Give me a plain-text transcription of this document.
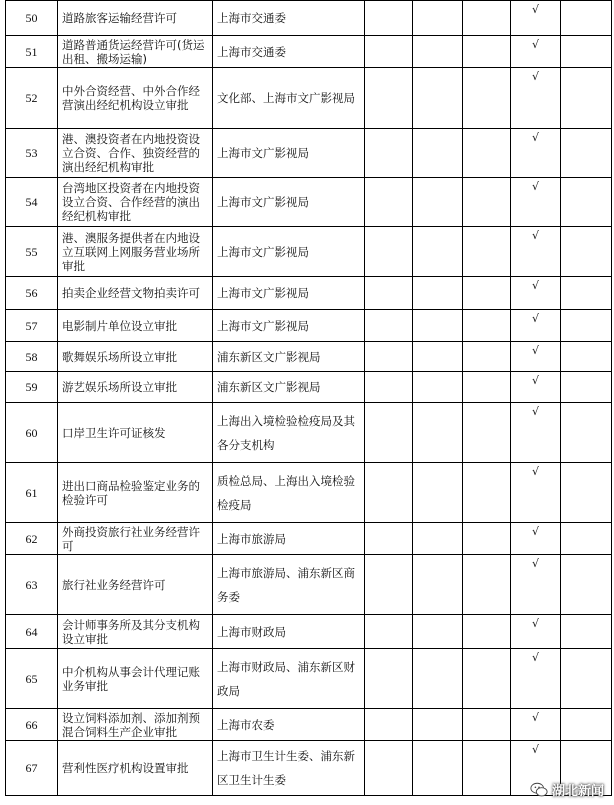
50	道路旅客运输经营许可	上海市交通委				√	
51	道路普通货运经营许可(货运出租、搬场运输)	上海市交通委				√	
52	中外合资经营、中外合作经营演出经纪机构设立审批	文化部、上海市文广影视局				√	
53	港、澳投资者在内地投资设立合资、合作、独资经营的演出经纪机构审批	上海市文广影视局				√	
54	台湾地区投资者在内地投资设立合资、合作经营的演出经纪机构审批	上海市文广影视局				√	
55	港、澳服务提供者在内地设立互联网上网服务营业场所审批	上海市文广影视局				√	
56	拍卖企业经营文物拍卖许可	上海市文广影视局				√	
57	电影制片单位设立审批	上海市文广影视局				√	
58	歌舞娱乐场所设立审批	浦东新区文广影视局				√	
59	游艺娱乐场所设立审批	浦东新区文广影视局				√	
60	口岸卫生许可证核发	上海出入境检验检疫局及其各分支机构				√	
61	进出口商品检验鉴定业务的检验许可	质检总局、上海出入境检验检疫局				√	
62	外商投资旅行社业务经营许可	上海市旅游局				√	
63	旅行社业务经营许可	上海市旅游局、浦东新区商务委				√	
64	会计师事务所及其分支机构设立审批	上海市财政局				√	
65	中介机构从事会计代理记账业务审批	上海市财政局、浦东新区财政局				√	
66	设立饲料添加剂、添加剂预混合饲料生产企业审批	上海市农委				√	
67	营利性医疗机构设置审批	上海市卫生计生委、浦东新区卫生计生委				√	
湖北新闻
